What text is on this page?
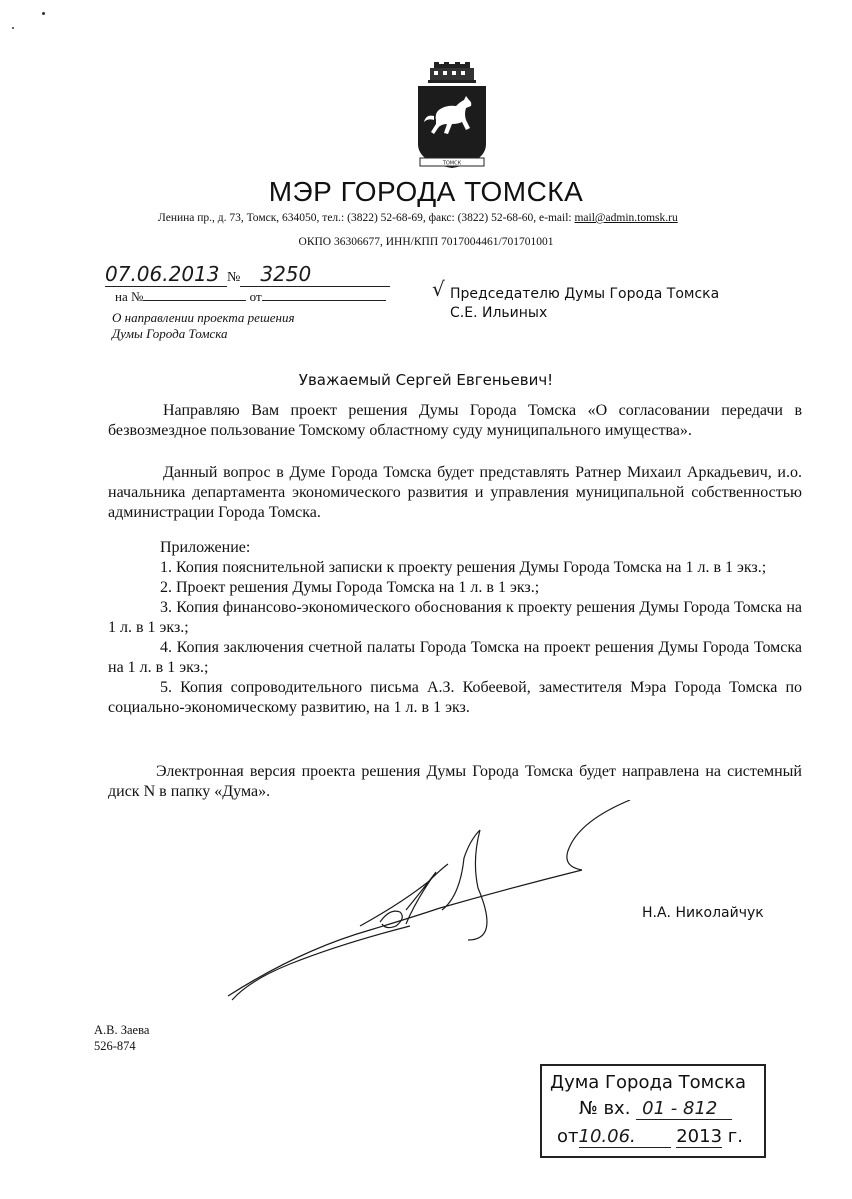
ТОМСК
МЭР ГОРОДА ТОМСКА
Ленина пр., д. 73, Томск, 634050, тел.: (3822) 52-68-69, факс: (3822) 52-68-60, e-mail: mail@admin.tomsk.ru
ОКПО 36306677, ИНН/КПП 7017004461/701701001
07.06.2013 № 3250
на №	от
О направлении проекта решения
Думы Города Томска
√ Председателю Думы Города Томска
С.Е. Ильиных
Уважаемый Сергей Евгеньевич!
Направляю Вам проект решения Думы Города Томска «О согласовании передачи в безвозмездное пользование Томскому областному суду муниципального имущества».
Данный вопрос в Думе Города Томска будет представлять Ратнер Михаил Аркадьевич, и.о. начальника департамента экономического развития и управления муниципальной собственностью администрации Города Томска.
Приложение:
1. Копия пояснительной записки к проекту решения Думы Города Томска на 1 л. в 1 экз.;
2. Проект решения Думы Города Томска на 1 л. в 1 экз.;
3. Копия финансово-экономического обоснования к проекту решения Думы Города Томска на 1 л. в 1 экз.;
4. Копия заключения счетной палаты Города Томска на проект решения Думы Города Томска на 1 л. в 1 экз.;
5. Копия сопроводительного письма А.З. Кобеевой, заместителя Мэра Города Томска по социально-экономическому развитию, на 1 л. в 1 экз.
Электронная версия проекта решения Думы Города Томска будет направлена на системный диск N в папку «Дума».
Н.А. Николайчук
А.В. Заева
526-874
Дума Города Томска
№ вх. 01 - 812
от10.06. 2013 г.
